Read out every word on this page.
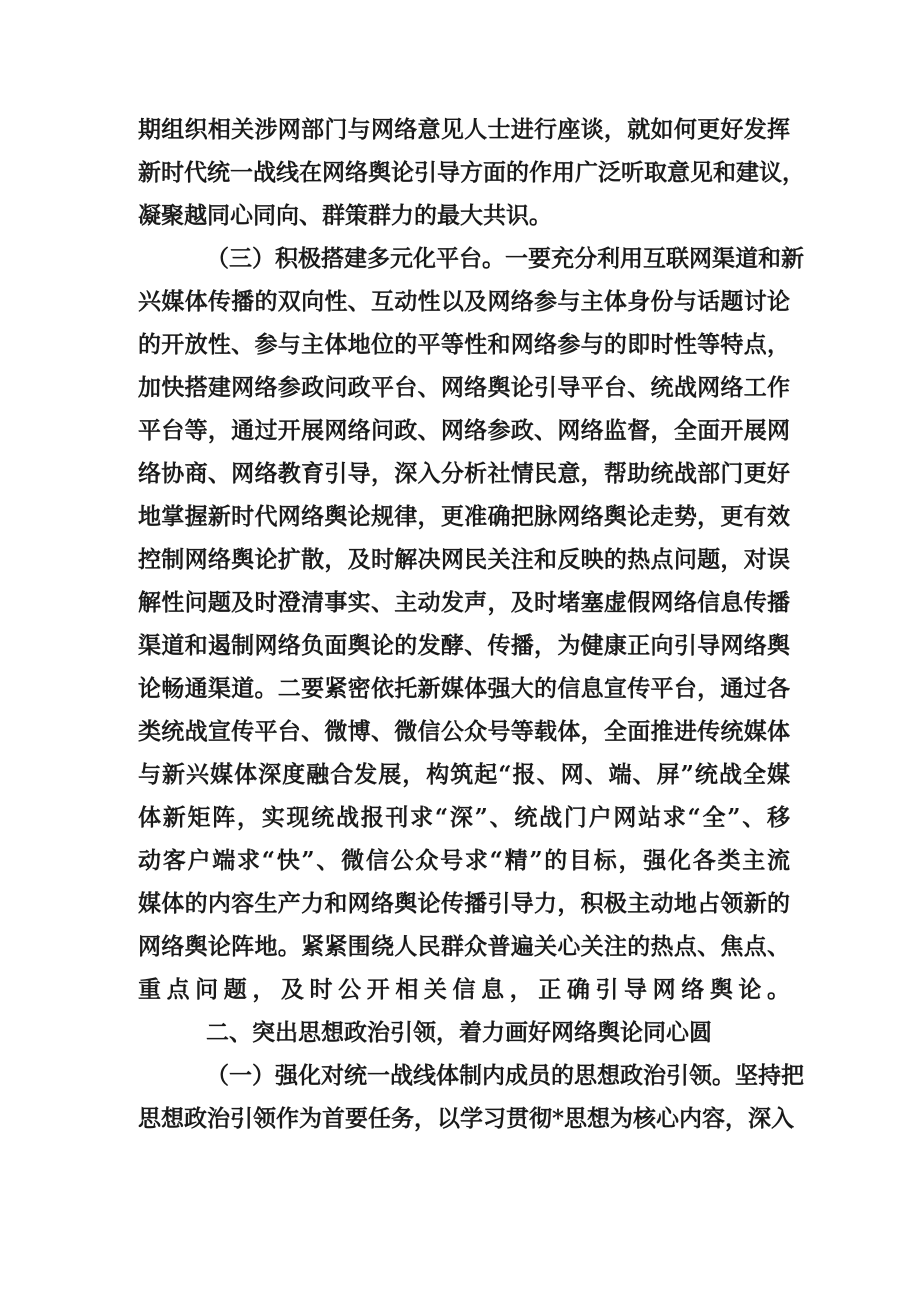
期组织相关涉网部门与网络意见人士进行座谈，就如何更好发挥
新时代统一战线在网络舆论引导方面的作用广泛听取意见和建议，
凝聚越同心同向、群策群力的最大共识。
（三）积极搭建多元化平台。一要充分利用互联网渠道和新
兴媒体传播的双向性、互动性以及网络参与主体身份与话题讨论
的开放性、参与主体地位的平等性和网络参与的即时性等特点，
加快搭建网络参政问政平台、网络舆论引导平台、统战网络工作
平台等，通过开展网络问政、网络参政、网络监督，全面开展网
络协商、网络教育引导，深入分析社情民意，帮助统战部门更好
地掌握新时代网络舆论规律，更准确把脉网络舆论走势，更有效
控制网络舆论扩散，及时解决网民关注和反映的热点问题，对误
解性问题及时澄清事实、主动发声，及时堵塞虚假网络信息传播
渠道和遏制网络负面舆论的发酵、传播，为健康正向引导网络舆
论畅通渠道。二要紧密依托新媒体强大的信息宣传平台，通过各
类统战宣传平台、微博、微信公众号等载体，全面推进传统媒体
与新兴媒体深度融合发展，构筑起“报、网、端、屏”统战全媒
体新矩阵，实现统战报刊求“深”、统战门户网站求“全”、移
动客户端求“快”、微信公众号求“精”的目标，强化各类主流
媒体的内容生产力和网络舆论传播引导力，积极主动地占领新的
网络舆论阵地。紧紧围绕人民群众普遍关心关注的热点、焦点、
重点问题，及时公开相关信息，正确引导网络舆论。
二、突出思想政治引领，着力画好网络舆论同心圆
（一）强化对统一战线体制内成员的思想政治引领。坚持把
思想政治引领作为首要任务，以学习贯彻*思想为核心内容，深入
